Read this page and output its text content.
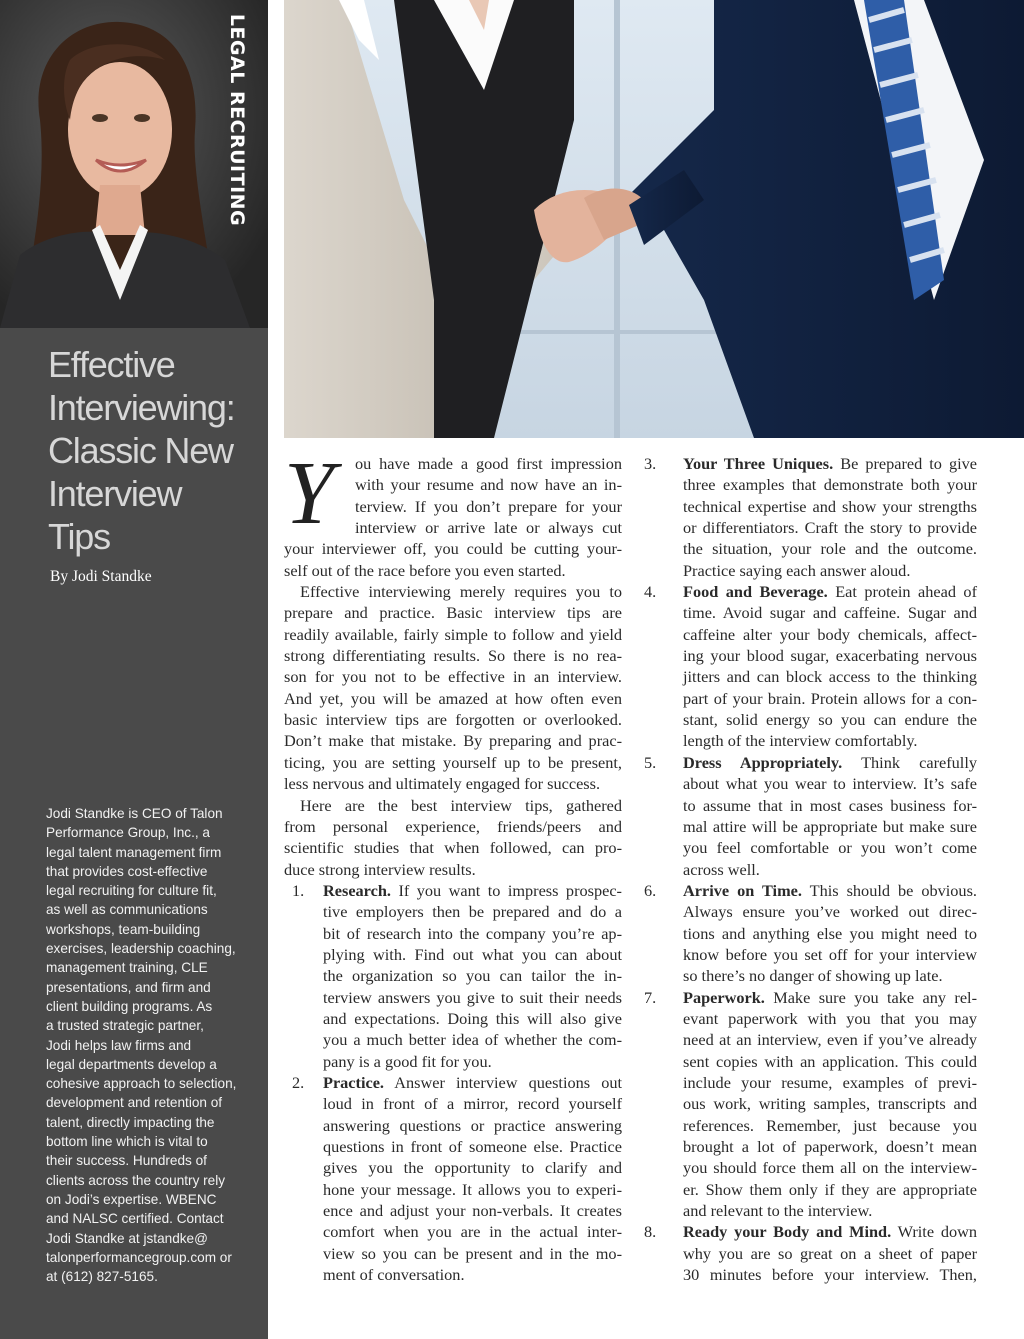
LEGAL RECRUITING
Effective
Interviewing:
Classic New
Interview
Tips
By Jodi Standke
Jodi Standke is CEO of Talon
Performance Group, Inc., a
legal talent management firm
that provides cost-effective
legal recruiting for culture fit,
as well as communications
workshops, team-building
exercises, leadership coaching,
management training, CLE
presentations, and firm and
client building programs. As
a trusted strategic partner,
Jodi helps law firms and
legal departments develop a
cohesive approach to selection,
development and retention of
talent, directly impacting the
bottom line which is vital to
their success. Hundreds of
clients across the country rely
on Jodi’s expertise. WBENC
and NALSC certified. Contact
Jodi Standke at jstandke@
talonperformancegroup.com or
at (612) 827-5165.
Y ou have made a good first impression
with your resume and now have an in-
terview. If you don’t prepare for your
interview or arrive late or always cut
your interviewer off, you could be cutting your-
self out of the race before you even started.
Effective interviewing merely requires you to
prepare and practice. Basic interview tips are
readily available, fairly simple to follow and yield
strong differentiating results. So there is no rea-
son for you not to be effective in an interview.
And yet, you will be amazed at how often even
basic interview tips are forgotten or overlooked.
Don’t make that mistake. By preparing and prac-
ticing, you are setting yourself up to be present,
less nervous and ultimately engaged for success.
Here are the best interview tips, gathered
from personal experience, friends/peers and
scientific studies that when followed, can pro-
duce strong interview results.
1.	Research. If you want to impress prospec-
tive employers then be prepared and do a
bit of research into the company you’re ap-
plying with. Find out what you can about
the organization so you can tailor the in-
terview answers you give to suit their needs
and expectations. Doing this will also give
you a much better idea of whether the com-
pany is a good fit for you.
2.	Practice. Answer interview questions out
loud in front of a mirror, record yourself
answering questions or practice answering
questions in front of someone else. Practice
gives you the opportunity to clarify and
hone your message. It allows you to experi-
ence and adjust your non-verbals. It creates
comfort when you are in the actual inter-
view so you can be present and in the mo-
ment of conversation.
3.	Your Three Uniques. Be prepared to give
three examples that demonstrate both your
technical expertise and show your strengths
or differentiators. Craft the story to provide
the situation, your role and the outcome.
Practice saying each answer aloud.
4.	Food and Beverage. Eat protein ahead of
time. Avoid sugar and caffeine. Sugar and
caffeine alter your body chemicals, affect-
ing your blood sugar, exacerbating nervous
jitters and can block access to the thinking
part of your brain. Protein allows for a con-
stant, solid energy so you can endure the
length of the interview comfortably.
5.	Dress Appropriately. Think carefully
about what you wear to interview. It’s safe
to assume that in most cases business for-
mal attire will be appropriate but make sure
you feel comfortable or you won’t come
across well.
6.	Arrive on Time. This should be obvious.
Always ensure you’ve worked out direc-
tions and anything else you might need to
know before you set off for your interview
so there’s no danger of showing up late.
7.	Paperwork. Make sure you take any rel-
evant paperwork with you that you may
need at an interview, even if you’ve already
sent copies with an application. This could
include your resume, examples of previ-
ous work, writing samples, transcripts and
references. Remember, just because you
brought a lot of paperwork, doesn’t mean
you should force them all on the interview-
er. Show them only if they are appropriate
and relevant to the interview.
8.	Ready your Body and Mind. Write down
why you are so great on a sheet of paper
30 minutes before your interview. Then,
